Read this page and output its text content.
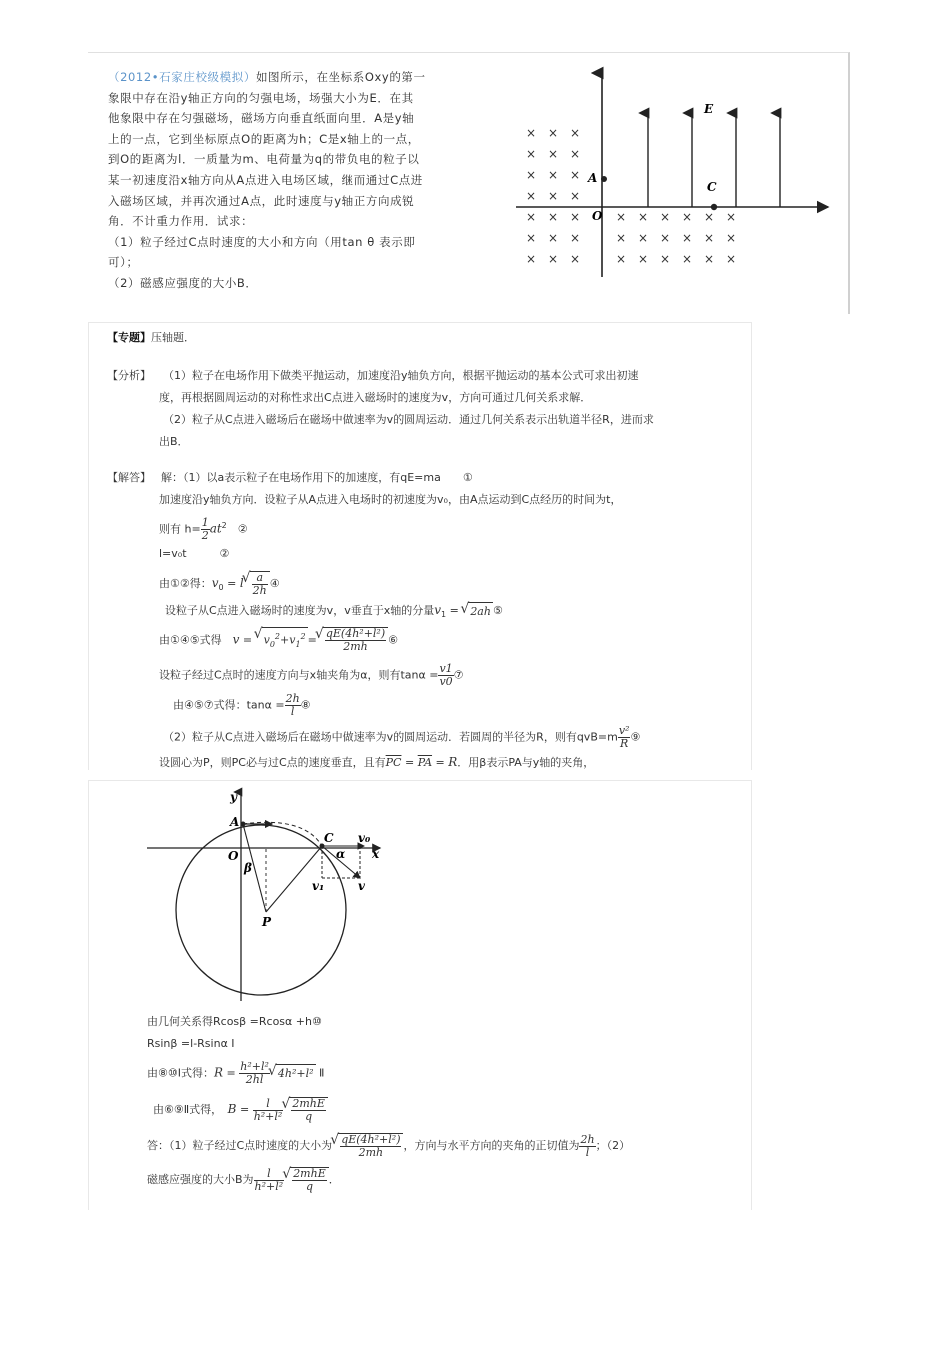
（2012•石家庄校级模拟）如图所示，在坐标系Oxy的第一

象限中存在沿y轴正方向的匀强电场，场强大小为E．在其

他象限中存在匀强磁场，磁场方向垂直纸面向里．A是y轴

上的一点，它到坐标原点O的距离为h；C是x轴上的一点，

到O的距离为l．一质量为m、电荷量为q的带负电的粒子以

某一初速度沿x轴方向从A点进入电场区域，继而通过C点进

入磁场区域，并再次通过A点，此时速度与y轴正方向成锐

角．不计重力作用．试求：

（1）粒子经过C点时速度的大小和方向（用tan θ 表示即

可）；

（2）磁感应强度的大小B．

E
A
C
O
× × ×
× × ×
× × ×
× × ×
× × ×
× × ×
× × ×
× × × × × ×
× × × × × ×
× × × × × ×
【专题】压轴题．
【分析】 （1）粒子在电场作用下做类平抛运动，加速度沿y轴负方向，根据平抛运动的基本公式可求出初速
度，再根据圆周运动的对称性求出C点进入磁场时的速度为v，方向可通过几何关系求解．
（2）粒子从C点进入磁场后在磁场中做速率为v的圆周运动．通过几何关系表示出轨道半径R，进而求
出B．
【解答】 解：（1）以a表示粒子在电场作用下的加速度，有qE=ma　　①
加速度沿y轴负方向．设粒子从A点进入电场时的初速度为v₀，由A点运动到C点经历的时间为t，
则有 $h= \frac{1}{2} at^2$　 ②
l=v₀t　　　②
由①②得：$v_0 = l$ √ $\frac{a}{2h}$ ④
设粒子从C点进入磁场时的速度为v，v垂直于x轴的分量$v_1$ = √ 2ah ⑤
由①④⑤式得　 v = √ $v_0^2+v_1^2$ = √ $\frac{\text{qE(4h²+l²)}}{2mh}$ ⑥
设粒子经过C点时的速度方向与x轴夹角为α，则有$\tan\alpha = \frac{v1}{v0}$ ⑦
由④⑤⑦式得：$\tan\alpha = \frac{2h}{l}$ ⑧
（2）粒子从C点进入磁场后在磁场中做速率为v的圆周运动．若圆周的半径为R，则有$qvB=m \frac{\text{v²}}{R}$ ⑨
设圆心为P，则PC必与过C点的速度垂直，且有$\overline{PC} = \overline{PA} = R$．用β表示PA与y轴的夹角，
y
A
C v₀
x
O
β
α
v₁	v
P
由几何关系得Rcosβ =Rcosα +h⑩
Rsinβ =l-Rsinα Ⅰ
由⑧⑩Ⅰ式得：$R = \frac{\text{h²+l²}}{2hl}$ √ 4h²+l² Ⅱ
由⑥⑨Ⅱ式得，　 $B = \frac{l}{\text{h²+l²}}$ √ $\frac{\text{2mhE}}{q}$
答：（1）粒子经过C点时速度的大小为 √ $\frac{\text{qE(4h²+l²)}}{2mh}$ ，方向与水平方向的夹角的正切值为 $\frac{2h}{l}$ ；（2）
磁感应强度的大小B为 $\frac{l}{\text{h²+l²}}$ √ $\frac{\text{2mhE}}{q}$ ．
